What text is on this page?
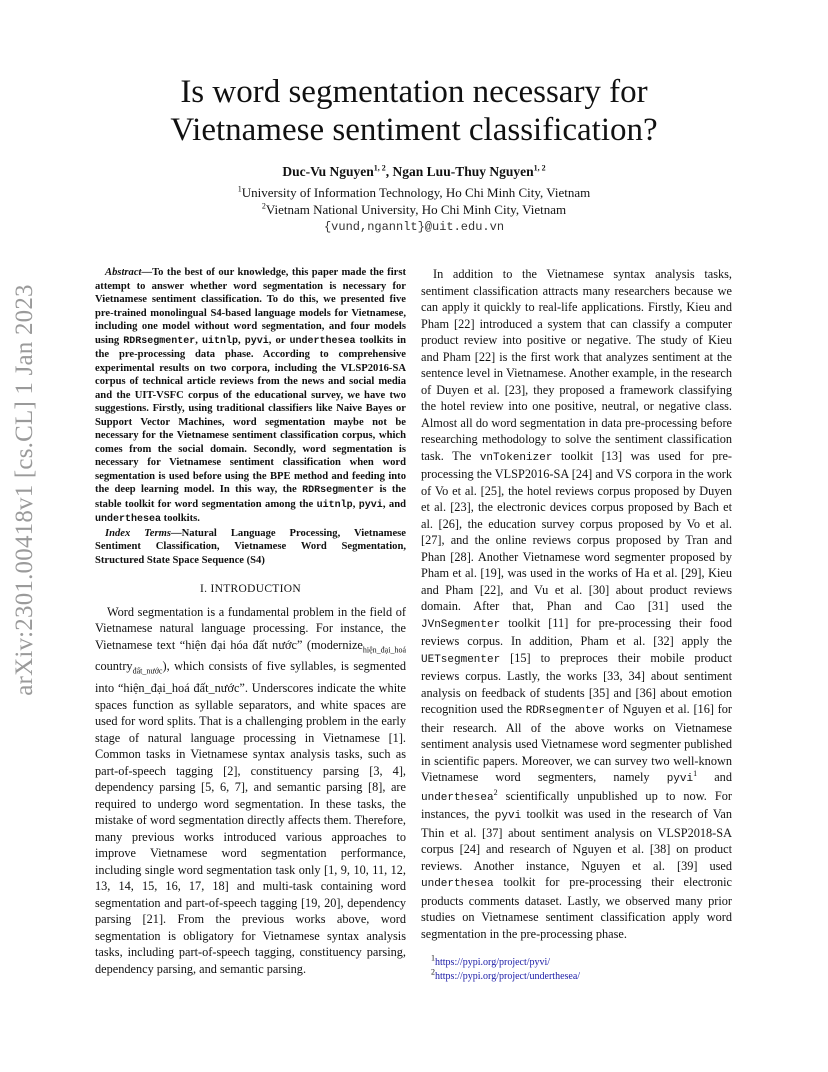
arXiv:2301.00418v1 [cs.CL] 1 Jan 2023
Is word segmentation necessary for
Vietnamese sentiment classification?
Duc-Vu Nguyen$^{1, 2}$, Ngan Luu-Thuy Nguyen$^{1, 2}$
$^1$University of Information Technology, Ho Chi Minh City, Vietnam
$^2$Vietnam National University, Ho Chi Minh City, Vietnam
{vund,ngannlt}@uit.edu.vn

Abstract—To the best of our knowledge, this paper made the first attempt to answer whether word segmentation is necessary for Vietnamese sentiment classification. To do this, we presented five pre-trained monolingual S4-based language models for Vietnamese, including one model without word segmentation, and four models using RDRsegmenter, uitnlp, pyvi, or underthesea toolkits in the pre-processing data phase. According to comprehensive experimental results on two corpora, including the VLSP2016-SA corpus of technical article reviews from the news and social media and the UIT-VSFC corpus of the educational survey, we have two suggestions. Firstly, using traditional classifiers like Naive Bayes or Support Vector Machines, word segmentation maybe not be necessary for the Vietnamese sentiment classification corpus, which comes from the social domain. Secondly, word segmentation is necessary for Vietnamese sentiment classification when word segmentation is used before using the BPE method and feeding into the deep learning model. In this way, the RDRsegmenter is the stable toolkit for word segmentation among the uitnlp, pyvi, and underthesea toolkits.

Index Terms—Natural Language Processing, Vietnamese Sentiment Classification, Vietnamese Word Segmentation, Structured State Space Sequence (S4)

I. INTRODUCTION

Word segmentation is a fundamental problem in the field of Vietnamese natural language processing. For instance, the Vietnamese text “hiện đại hóa đất nước” (modernize$_{hiện\_đại\_hoá}$ country$_{đất\_nước}$), which consists of five syllables, is segmented into “hiện_đại_hoá đất_nước”. Underscores indicate the white spaces function as syllable separators, and white spaces are used for word splits. That is a challenging problem in the early stage of natural language processing in Vietnamese [1]. Common tasks in Vietnamese syntax analysis tasks, such as part-of-speech tagging [2], constituency parsing [3, 4], dependency parsing [5, 6, 7], and semantic parsing [8], are required to undergo word segmentation. In these tasks, the mistake of word segmentation directly affects them. Therefore, many previous works introduced various approaches to improve Vietnamese word segmentation performance, including single word segmentation task only [1, 9, 10, 11, 12, 13, 14, 15, 16, 17, 18] and multi-task containing word segmentation and part-of-speech tagging [19, 20], dependency parsing [21]. From the previous works above, word segmentation is obligatory for Vietnamese syntax analysis tasks, including part-of-speech tagging, constituency parsing, dependency parsing, and semantic parsing.

In addition to the Vietnamese syntax analysis tasks, sentiment classification attracts many researchers because we can apply it quickly to real-life applications. Firstly, Kieu and Pham [22] introduced a system that can classify a computer product review into positive or negative. The study of Kieu and Pham [22] is the first work that analyzes sentiment at the sentence level in Vietnamese. Another example, in the research of Duyen et al. [23], they proposed a framework classifying the hotel review into one positive, neutral, or negative class. Almost all do word segmentation in data pre-processing before researching methodology to solve the sentiment classification task. The vnTokenizer toolkit [13] was used for pre-processing the VLSP2016-SA [24] and VS corpora in the work of Vo et al. [25], the hotel reviews corpus proposed by Duyen et al. [23], the electronic devices corpus proposed by Bach et al. [26], the education survey corpus proposed by Vo et al. [27], and the online reviews corpus proposed by Tran and Phan [28]. Another Vietnamese word segmenter proposed by Pham et al. [19], was used in the works of Ha et al. [29], Kieu and Pham [22], and Vu et al. [30] about product reviews domain. After that, Phan and Cao [31] used the JVnSegmenter toolkit [11] for pre-processing their food reviews corpus. In addition, Pham et al. [32] apply the UETsegmenter [15] to preproces their mobile product reviews corpus. Lastly, the works [33, 34] about sentiment analysis on feedback of students [35] and [36] about emotion recognition used the RDRsegmenter of Nguyen et al. [16] for their research. All of the above works on Vietnamese sentiment analysis used Vietnamese word segmenter published in scientific papers. Moreover, we can survey two well-known Vietnamese word segmenters, namely pyvi$^1$ and underthesea$^2$ scientifically unpublished up to now. For instances, the pyvi toolkit was used in the research of Van Thin et al. [37] about sentiment analysis on VLSP2018-SA corpus [24] and research of Nguyen et al. [38] on product reviews. Another instance, Nguyen et al. [39] used underthesea toolkit for pre-processing their electronic products comments dataset. Lastly, we observed many prior studies on Vietnamese sentiment classification apply word segmentation in the pre-processing phase.

$^1$https://pypi.org/project/pyvi/
$^2$https://pypi.org/project/underthesea/
